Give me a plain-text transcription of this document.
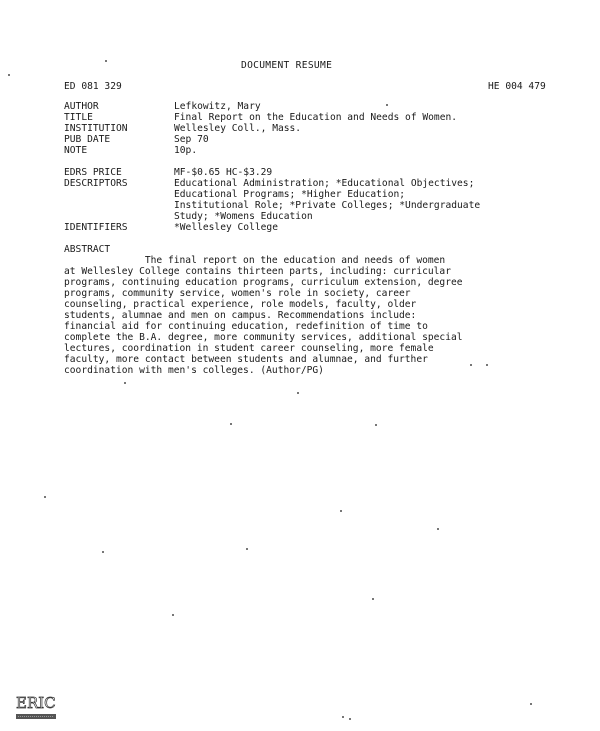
DOCUMENT RESUME
ED 081 329	HE 004 479
AUTHOR	Lefkowitz, Mary
TITLE	Final Report on the Education and Needs of Women.
INSTITUTION	Wellesley Coll., Mass.
PUB DATE	Sep 70
NOTE	10p.
EDRS PRICE	MF-$0.65 HC-$3.29
DESCRIPTORS	Educational Administration; *Educational Objectives;
Educational Programs; *Higher Education;
Institutional Role; *Private Colleges; *Undergraduate
Study; *Womens Education
IDENTIFIERS	*Wellesley College
ABSTRACT
The final report on the education and needs of women
at Wellesley College contains thirteen parts, including: curricular
programs, continuing education programs, curriculum extension, degree
programs, community service, women's role in society, career
counseling, practical experience, role models, faculty, older
students, alumnae and men on campus. Recommendations include:
financial aid for continuing education, redefinition of time to
complete the B.A. degree, more community services, additional special
lectures, coordination in student career counseling, more female
faculty, more contact between students and alumnae, and further
coordination with men's colleges. (Author/PG)
ERIC
